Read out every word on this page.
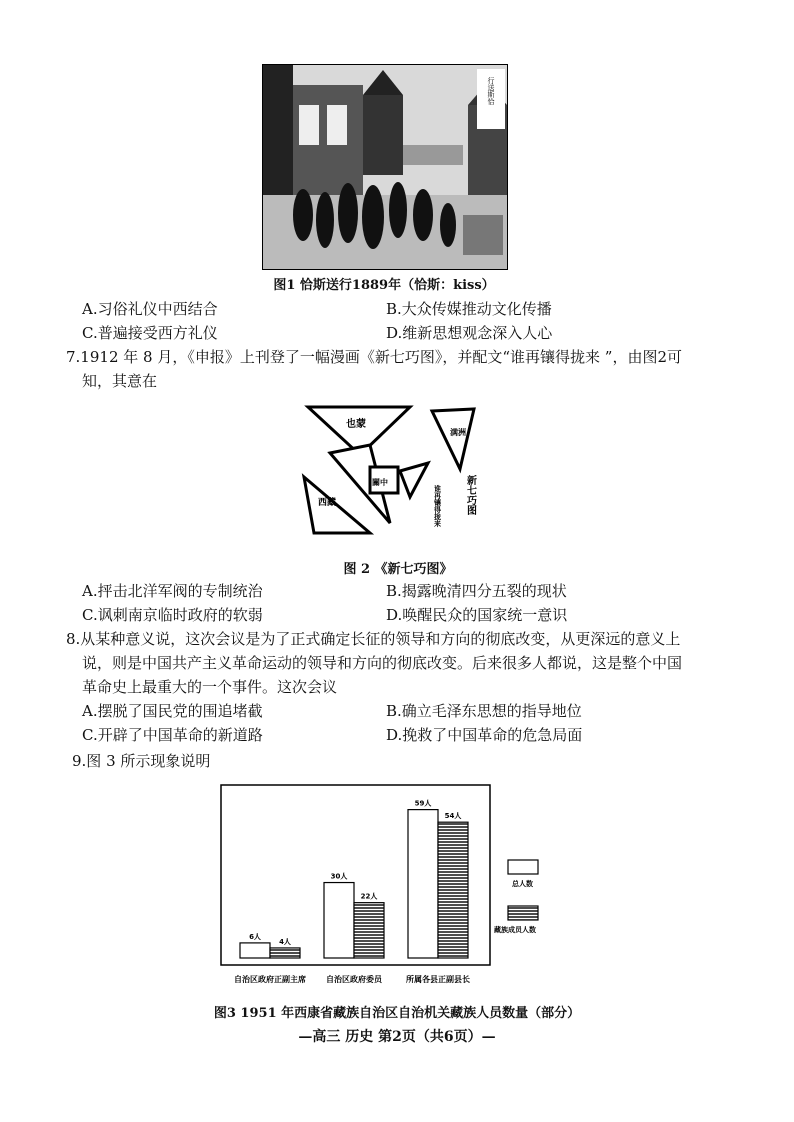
行送斯恰
图1 恰斯送行1889年（恰斯：kiss）
A.习俗礼仪中西结合	B.大众传媒推动文化传播
C.普遍接受西方礼仪	D.维新思想观念深入人心
7.1912 年 8 月，《申报》上刊登了一幅漫画《新七巧图》，并配文“谁再镶得拢来 ”，由图2可
知，其意在
也蒙
满洲
西藏
關中	新七巧图
谁再镶得拢来
图 2 《新七巧图》
A.抨击北洋军阀的专制统治	B.揭露晚清四分五裂的现状
C.讽刺南京临时政府的软弱	D.唤醒民众的国家统一意识
8.从某种意义说，这次会议是为了正式确定长征的领导和方向的彻底改变，从更深远的意义上
说，则是中国共产主义革命运动的领导和方向的彻底改变。后来很多人都说，这是整个中国
革命史上最重大的一个事件。这次会议
A.摆脱了国民党的围追堵截	B.确立毛泽东思想的指导地位
C.开辟了中国革命的新道路	D.挽救了中国革命的危急局面
9.图 3 所示现象说明
6人
4人
自治区政府正副主席
30人
22人
自治区政府委员
59人
54人
所属各县正副县长
总人数
藏族成员人数
图3 1951 年西康省藏族自治区自治机关藏族人员数量（部分）
—高三 历史 第2页（共6页）—
